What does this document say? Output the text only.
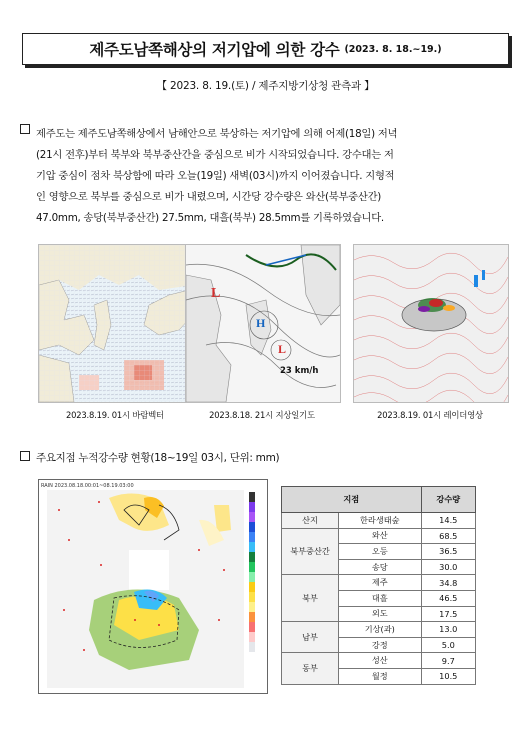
제주도남쪽해상의 저기압에 의한 강수 (2023. 8. 18.~19.)
【 2023. 8. 19.(토) / 제주지방기상청 관측과 】
제주도는 제주도남쪽해상에서 남해안으로 북상하는 저기압에 의해 어제(18일) 저녁
(21시 전후)부터 북부와 북부중산간을 중심으로 비가 시작되었습니다. 강수대는 저
기압 중심이 점차 북상함에 따라 오늘(19일) 새벽(03시)까지 이어졌습니다. 지형적
인 영향으로 북부를 중심으로 비가 내렸으며, 시간당 강수량은 와산(북부중산간)
47.0mm, 송당(북부중산간) 27.5mm, 대흘(북부) 28.5mm를 기록하였습니다.
L
H
L
23 km/h
2023.8.19. 01시 바람벡터	2023.8.18. 21시 지상일기도	2023.8.19. 01시 레이더영상
주요지점 누적강수량 현황(18~19일 03시, 단위: mm)
RAIN 2023.08.18.00:01~08.19.03:00
지점		강수량
산지	한라생태숲	14.5
북부중산간	와산	68.5
	오등	36.5
	송당	30.0
북부	제주	34.8
	대흘	46.5
	외도	17.5
남부	기상(과)	13.0
	강정	5.0
동부	성산	9.7
	월정	10.5
